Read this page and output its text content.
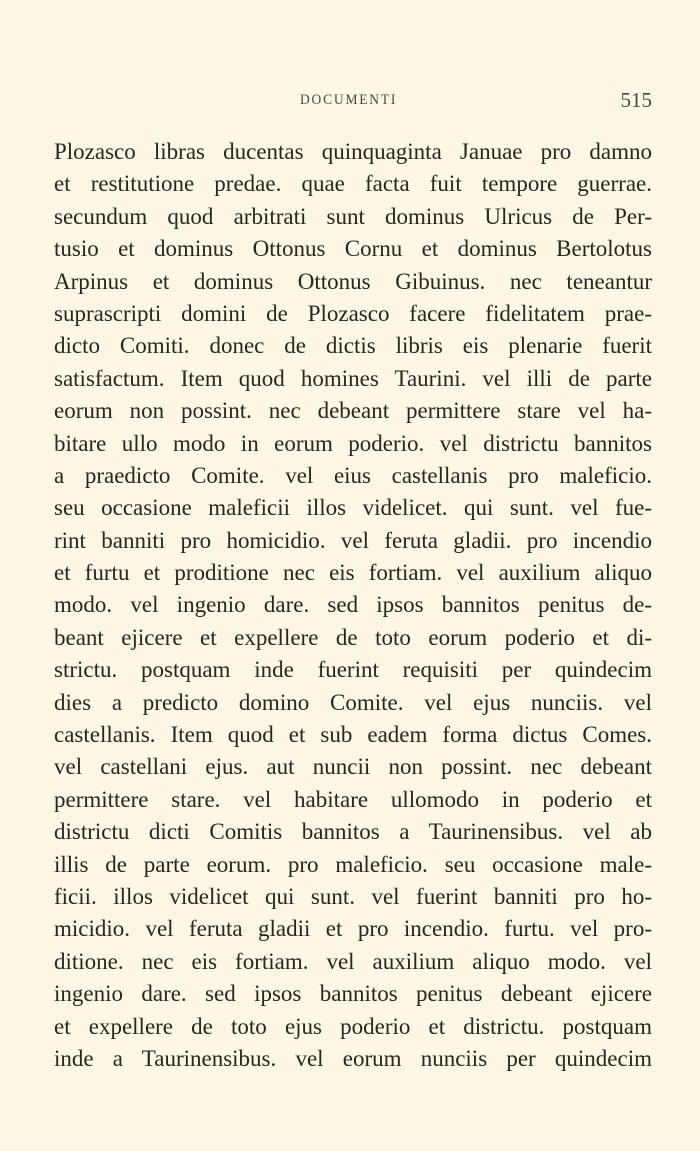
DOCUMENTI	515
Plozasco libras ducentas quinquaginta Januae pro damno
et restitutione predae. quae facta fuit tempore guerrae.
secundum quod arbitrati sunt dominus Ulricus de Per-
tusio et dominus Ottonus Cornu et dominus Bertolotus
Arpinus et dominus Ottonus Gibuinus. nec teneantur
suprascripti domini de Plozasco facere fidelitatem prae-
dicto Comiti. donec de dictis libris eis plenarie fuerit
satisfactum. Item quod homines Taurini. vel illi de parte
eorum non possint. nec debeant permittere stare vel ha-
bitare ullo modo in eorum poderio. vel districtu bannitos
a praedicto Comite. vel eius castellanis pro maleficio.
seu occasione maleficii illos videlicet. qui sunt. vel fue-
rint banniti pro homicidio. vel feruta gladii. pro incendio
et furtu et proditione nec eis fortiam. vel auxilium aliquo
modo. vel ingenio dare. sed ipsos bannitos penitus de-
beant ejicere et expellere de toto eorum poderio et di-
strictu. postquam inde fuerint requisiti per quindecim
dies a predicto domino Comite. vel ejus nunciis. vel
castellanis. Item quod et sub eadem forma dictus Comes.
vel castellani ejus. aut nuncii non possint. nec debeant
permittere stare. vel habitare ullomodo in poderio et
districtu dicti Comitis bannitos a Taurinensibus. vel ab
illis de parte eorum. pro maleficio. seu occasione male-
ficii. illos videlicet qui sunt. vel fuerint banniti pro ho-
micidio. vel feruta gladii et pro incendio. furtu. vel pro-
ditione. nec eis fortiam. vel auxilium aliquo modo. vel
ingenio dare. sed ipsos bannitos penitus debeant ejicere
et expellere de toto ejus poderio et districtu. postquam
inde a Taurinensibus. vel eorum nunciis per quindecim
